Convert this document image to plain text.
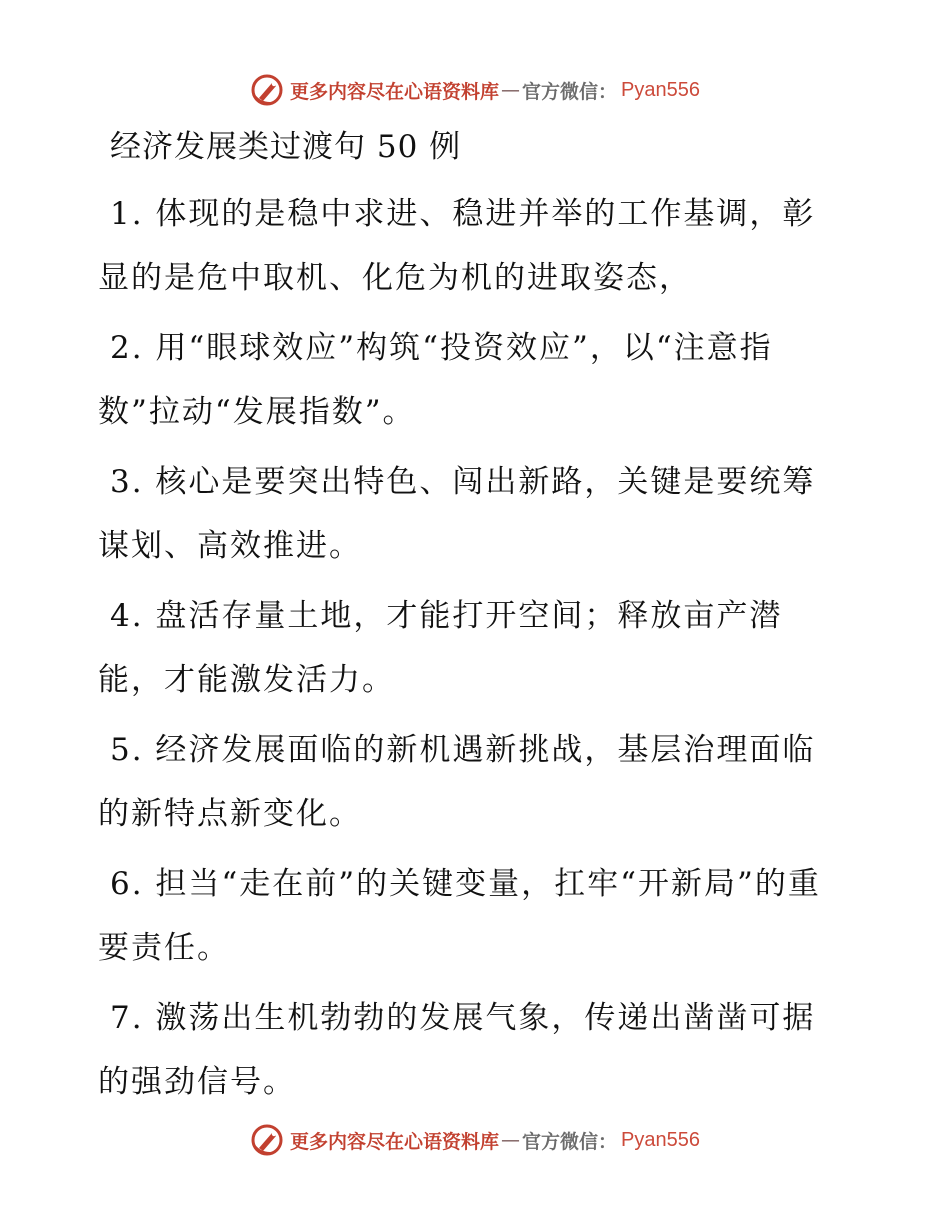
更多内容尽在心语资料库 — 官方微信： Pyan556
经济发展类过渡句 50 例
1. 体现的是稳中求进、稳进并举的工作基调，彰显的是危中取机、化危为机的进取姿态，
2. 用“眼球效应”构筑“投资效应”，以“注意指数”拉动“发展指数”。
3. 核心是要突出特色、闯出新路，关键是要统筹谋划、高效推进。
4. 盘活存量土地，才能打开空间；释放亩产潜能，才能激发活力。
5. 经济发展面临的新机遇新挑战，基层治理面临的新特点新变化。
6. 担当“走在前”的关键变量，扛牢“开新局”的重要责任。
7. 激荡出生机勃勃的发展气象，传递出凿凿可据的强劲信号。
更多内容尽在心语资料库 — 官方微信： Pyan556
